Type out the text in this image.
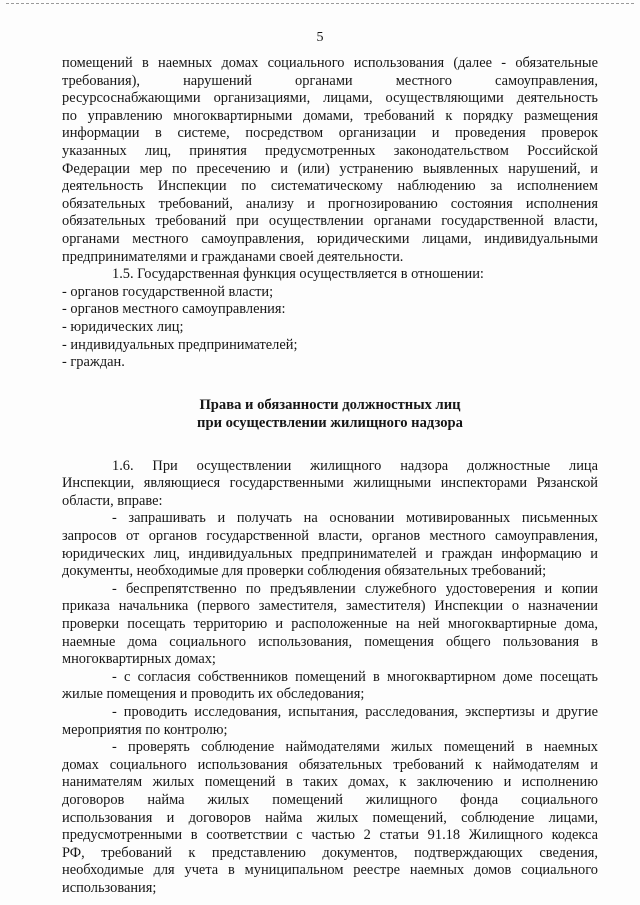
5

помещений в наемных домах социального использования (далее - обязательные

требования), нарушений органами местного самоуправления,

ресурсоснабжающими организациями, лицами, осуществляющими деятельность

по управлению многоквартирными домами, требований к порядку размещения

информации в системе, посредством организации и проведения проверок

указанных лиц, принятия предусмотренных законодательством Российской

Федерации мер по пресечению и (или) устранению выявленных нарушений, и

деятельность Инспекции по систематическому наблюдению за исполнением

обязательных требований, анализу и прогнозированию состояния исполнения

обязательных требований при осуществлении органами государственной власти,

органами местного самоуправления, юридическими лицами, индивидуальными

предпринимателями и гражданами своей деятельности.

1.5. Государственная функция осуществляется в отношении:

- органов государственной власти;

- органов местного самоуправления:

- юридических лиц;

- индивидуальных предпринимателей;

- граждан.

Права и обязанности должностных лиц
при осуществлении жилищного надзора

1.6. При осуществлении жилищного надзора должностные лица

Инспекции, являющиеся государственными жилищными инспекторами Рязанской

области, вправе:

- запрашивать и получать на основании мотивированных письменных

запросов от органов государственной власти, органов местного самоуправления,

юридических лиц, индивидуальных предпринимателей и граждан информацию и

документы, необходимые для проверки соблюдения обязательных требований;

- беспрепятственно по предъявлении служебного удостоверения и копии

приказа начальника (первого заместителя, заместителя) Инспекции о назначении

проверки посещать территорию и расположенные на ней многоквартирные дома,

наемные дома социального использования, помещения общего пользования в

многоквартирных домах;

- с согласия собственников помещений в многоквартирном доме посещать

жилые помещения и проводить их обследования;

- проводить исследования, испытания, расследования, экспертизы и другие

мероприятия по контролю;

- проверять соблюдение наймодателями жилых помещений в наемных

домах социального использования обязательных требований к наймодателям и

нанимателям жилых помещений в таких домах, к заключению и исполнению

договоров найма жилых помещений жилищного фонда социального

использования и договоров найма жилых помещений, соблюдение лицами,

предусмотренными в соответствии с частью 2 статьи 91.18 Жилищного кодекса

РФ, требований к представлению документов, подтверждающих сведения,

необходимые для учета в муниципальном реестре наемных домов социального

использования;
